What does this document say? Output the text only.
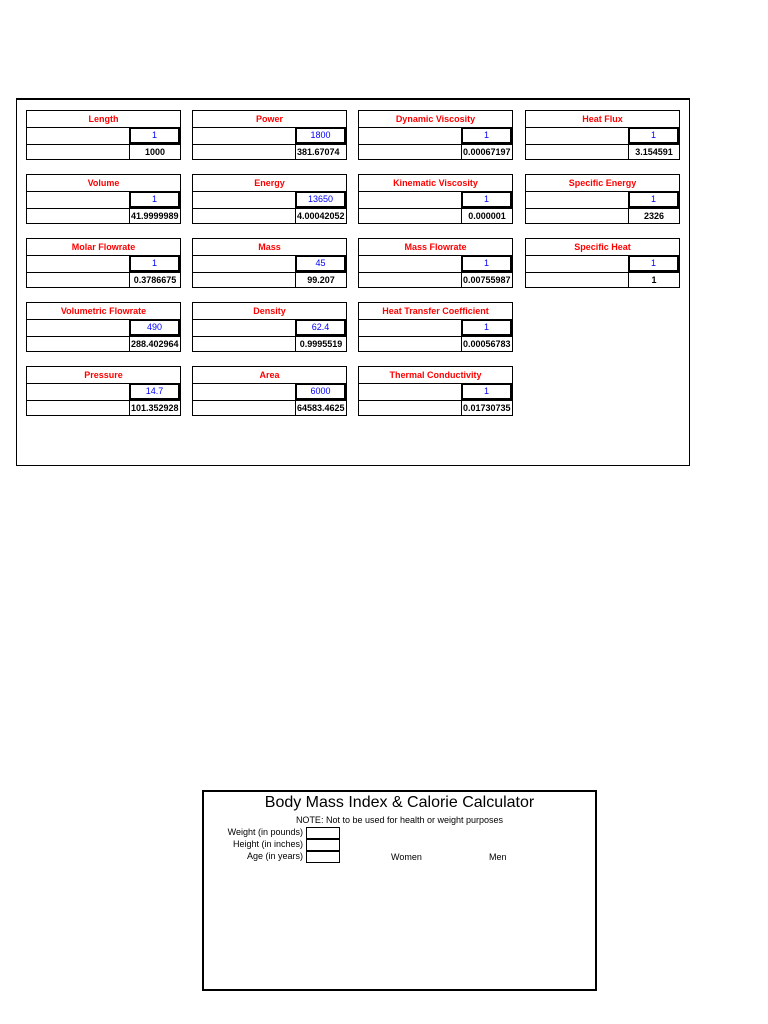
Length
1
1000
Power
1800
381.67074
Dynamic Viscosity
1
0.00067197
Heat Flux
1
3.154591
Volume
1
41.9999989
Energy
13650
4.00042052
Kinematic Viscosity
1
0.000001
Specific Energy
1
2326
Molar Flowrate
1
0.3786675
Mass
45
99.207
Mass Flowrate
1
0.00755987
Specific Heat
1
1
Volumetric Flowrate
490
288.402964
Density
62.4
0.9995519
Heat Transfer Coefficient
1
0.00056783
Pressure
14.7
101.352928
Area
6000
64583.4625
Thermal Conductivity
1
0.01730735
Body Mass Index & Calorie Calculator
NOTE: Not to be used for health or weight purposes
Weight (in pounds)
Height (in inches)
Age (in years)	Women	Men
